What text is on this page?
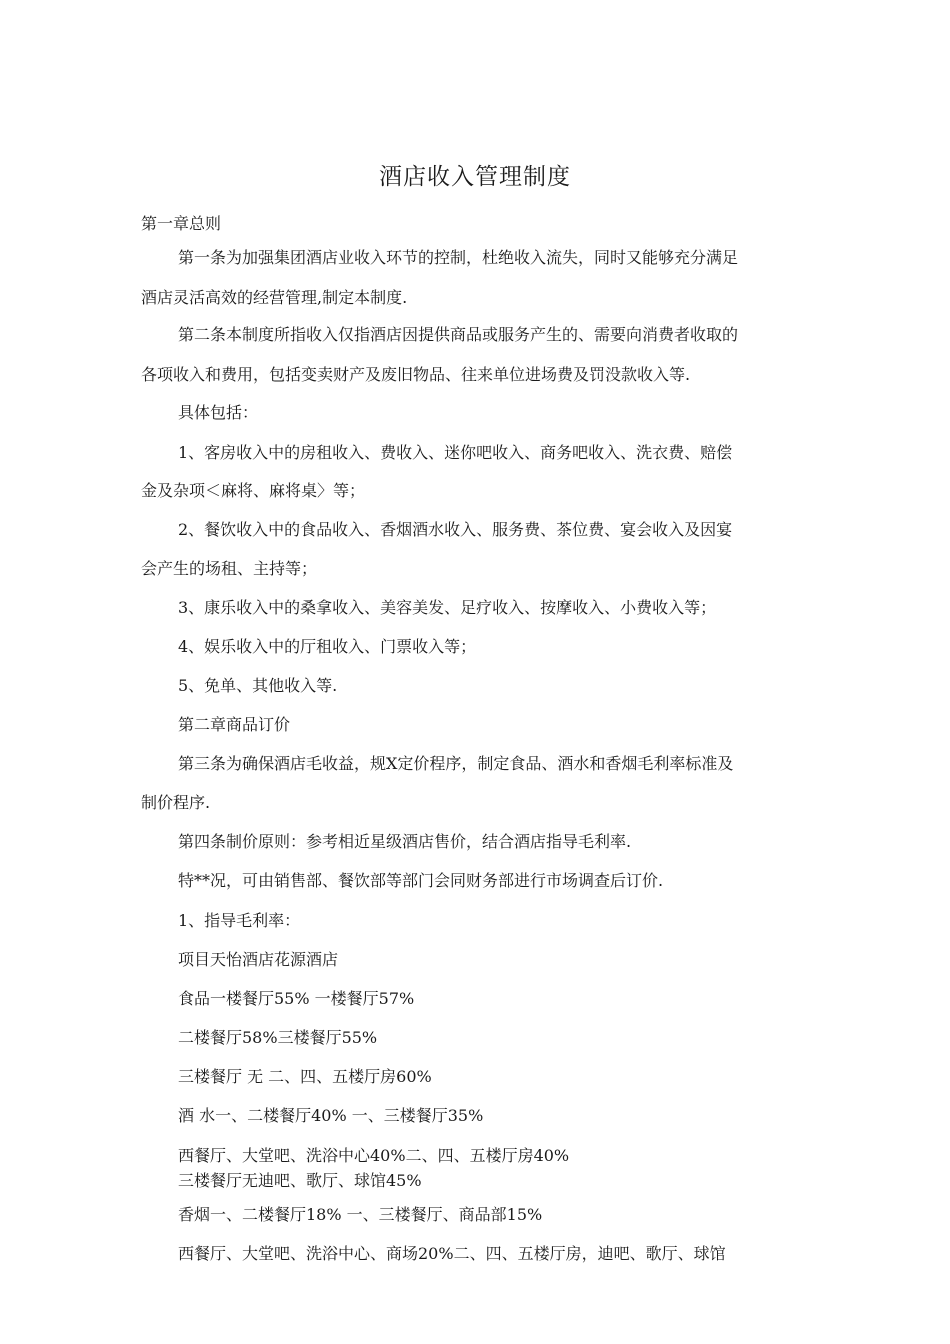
酒店收入管理制度
第一章总则
第一条为加强集团酒店业收入环节的控制，杜绝收入流失，同时又能够充分满足
酒店灵活高效的经营管理,制定本制度.
第二条本制度所指收入仅指酒店因提供商品或服务产生的、需要向消费者收取的
各项收入和费用，包括变卖财产及废旧物品、往来单位进场费及罚没款收入等.
具体包括：
1、客房收入中的房租收入、费收入、迷你吧收入、商务吧收入、洗衣费、赔偿
金及杂项＜麻将、麻将桌〉等；
2、餐饮收入中的食品收入、香烟酒水收入、服务费、茶位费、宴会收入及因宴
会产生的场租、主持等；
3、康乐收入中的桑拿收入、美容美发、足疗收入、按摩收入、小费收入等；
4、娱乐收入中的厅租收入、门票收入等；
5、免单、其他收入等.
第二章商品订价
第三条为确保酒店毛收益，规X定价程序，制定食品、酒水和香烟毛利率标准及
制价程序.
第四条制价原则：参考相近星级酒店售价，结合酒店指导毛利率.
特**况，可由销售部、餐饮部等部门会同财务部进行市场调查后订价.
1、指导毛利率：
项目天怡酒店花源酒店
食品一楼餐厅55% 一楼餐厅57%
二楼餐厅58%三楼餐厅55%
三楼餐厅 无 二、四、五楼厅房60%
酒 水一、二楼餐厅40% 一、三楼餐厅35%
西餐厅、大堂吧、洗浴中心40%二、四、五楼厅房40%
三楼餐厅无迪吧、歌厅、球馆45%
香烟一、二楼餐厅18% 一、三楼餐厅、商品部15%
西餐厅、大堂吧、洗浴中心、商场20%二、四、五楼厅房，迪吧、歌厅、球馆
